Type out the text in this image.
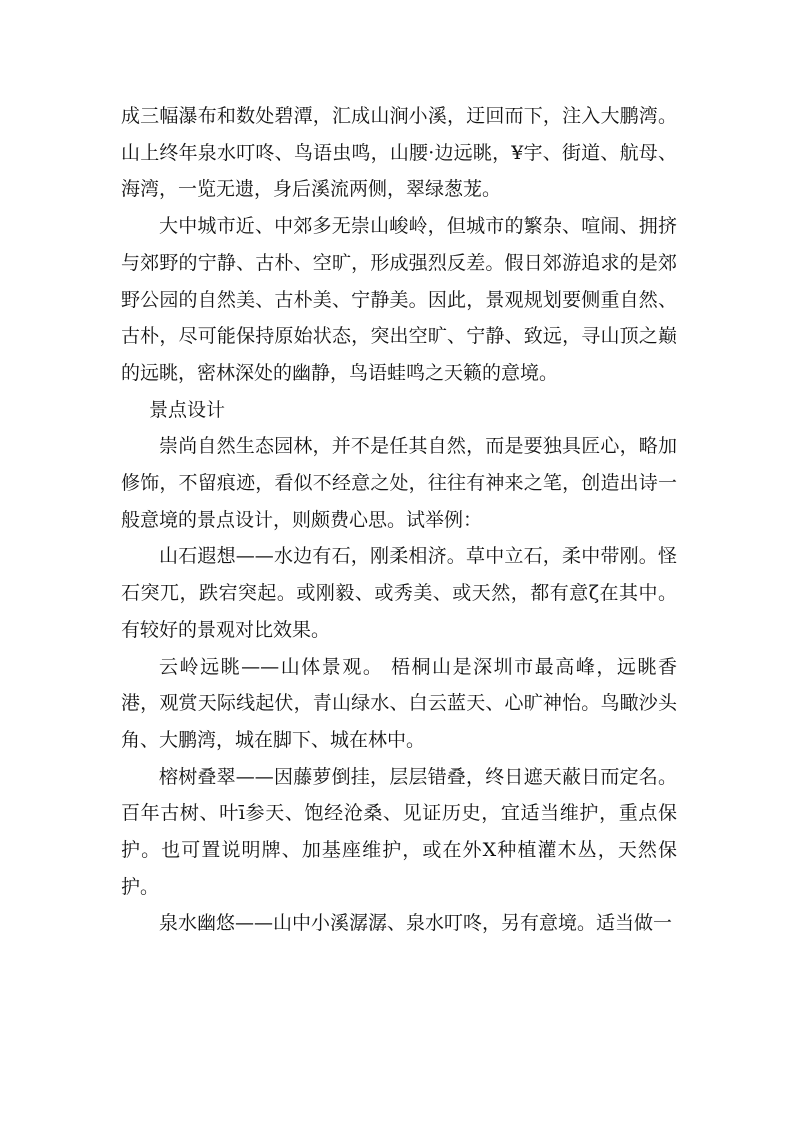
成三幅瀑布和数处碧潭，汇成山涧小溪，迂回而下，注入大鹏湾。山上终年泉水叮咚、鸟语虫鸣，山腰·边远眺，¥宇、街道、航母、海湾，一览无遗，身后溪流两侧，翠绿葱茏。

大中城市近、中郊多无崇山峻岭，但城市的繁杂、喧闹、拥挤与郊野的宁静、古朴、空旷，形成强烈反差。假日郊游追求的是郊野公园的自然美、古朴美、宁静美。因此，景观规划要侧重自然、古朴，尽可能保持原始状态，突出空旷、宁静、致远，寻山顶之巅的远眺，密林深处的幽静，鸟语蛙鸣之天籁的意境。

景点设计

崇尚自然生态园林，并不是任其自然，而是要独具匠心，略加修饰，不留痕迹，看似不经意之处，往往有神来之笔，创造出诗一般意境的景点设计，则颇费心思。试举例：

山石遐想——水边有石，刚柔相济。草中立石，柔中带刚。怪石突兀，跌宕突起。或刚毅、或秀美、或天然，都有意ζ在其中。有较好的景观对比效果。

云岭远眺——山体景观。 梧桐山是深圳市最高峰，远眺香港，观赏天际线起伏，青山绿水、白云蓝天、心旷神怡。鸟瞰沙头角、大鹏湾，城在脚下、城在林中。

榕树叠翠——因藤萝倒挂，层层错叠，终日遮天蔽日而定名。百年古树、叶ī参天、饱经沧桑、见证历史，宜适当维护，重点保护。也可置说明牌、加基座维护，或在外X种植灌木丛，天然保护。

泉水幽悠——山中小溪潺潺、泉水叮咚，另有意境。适当做一
